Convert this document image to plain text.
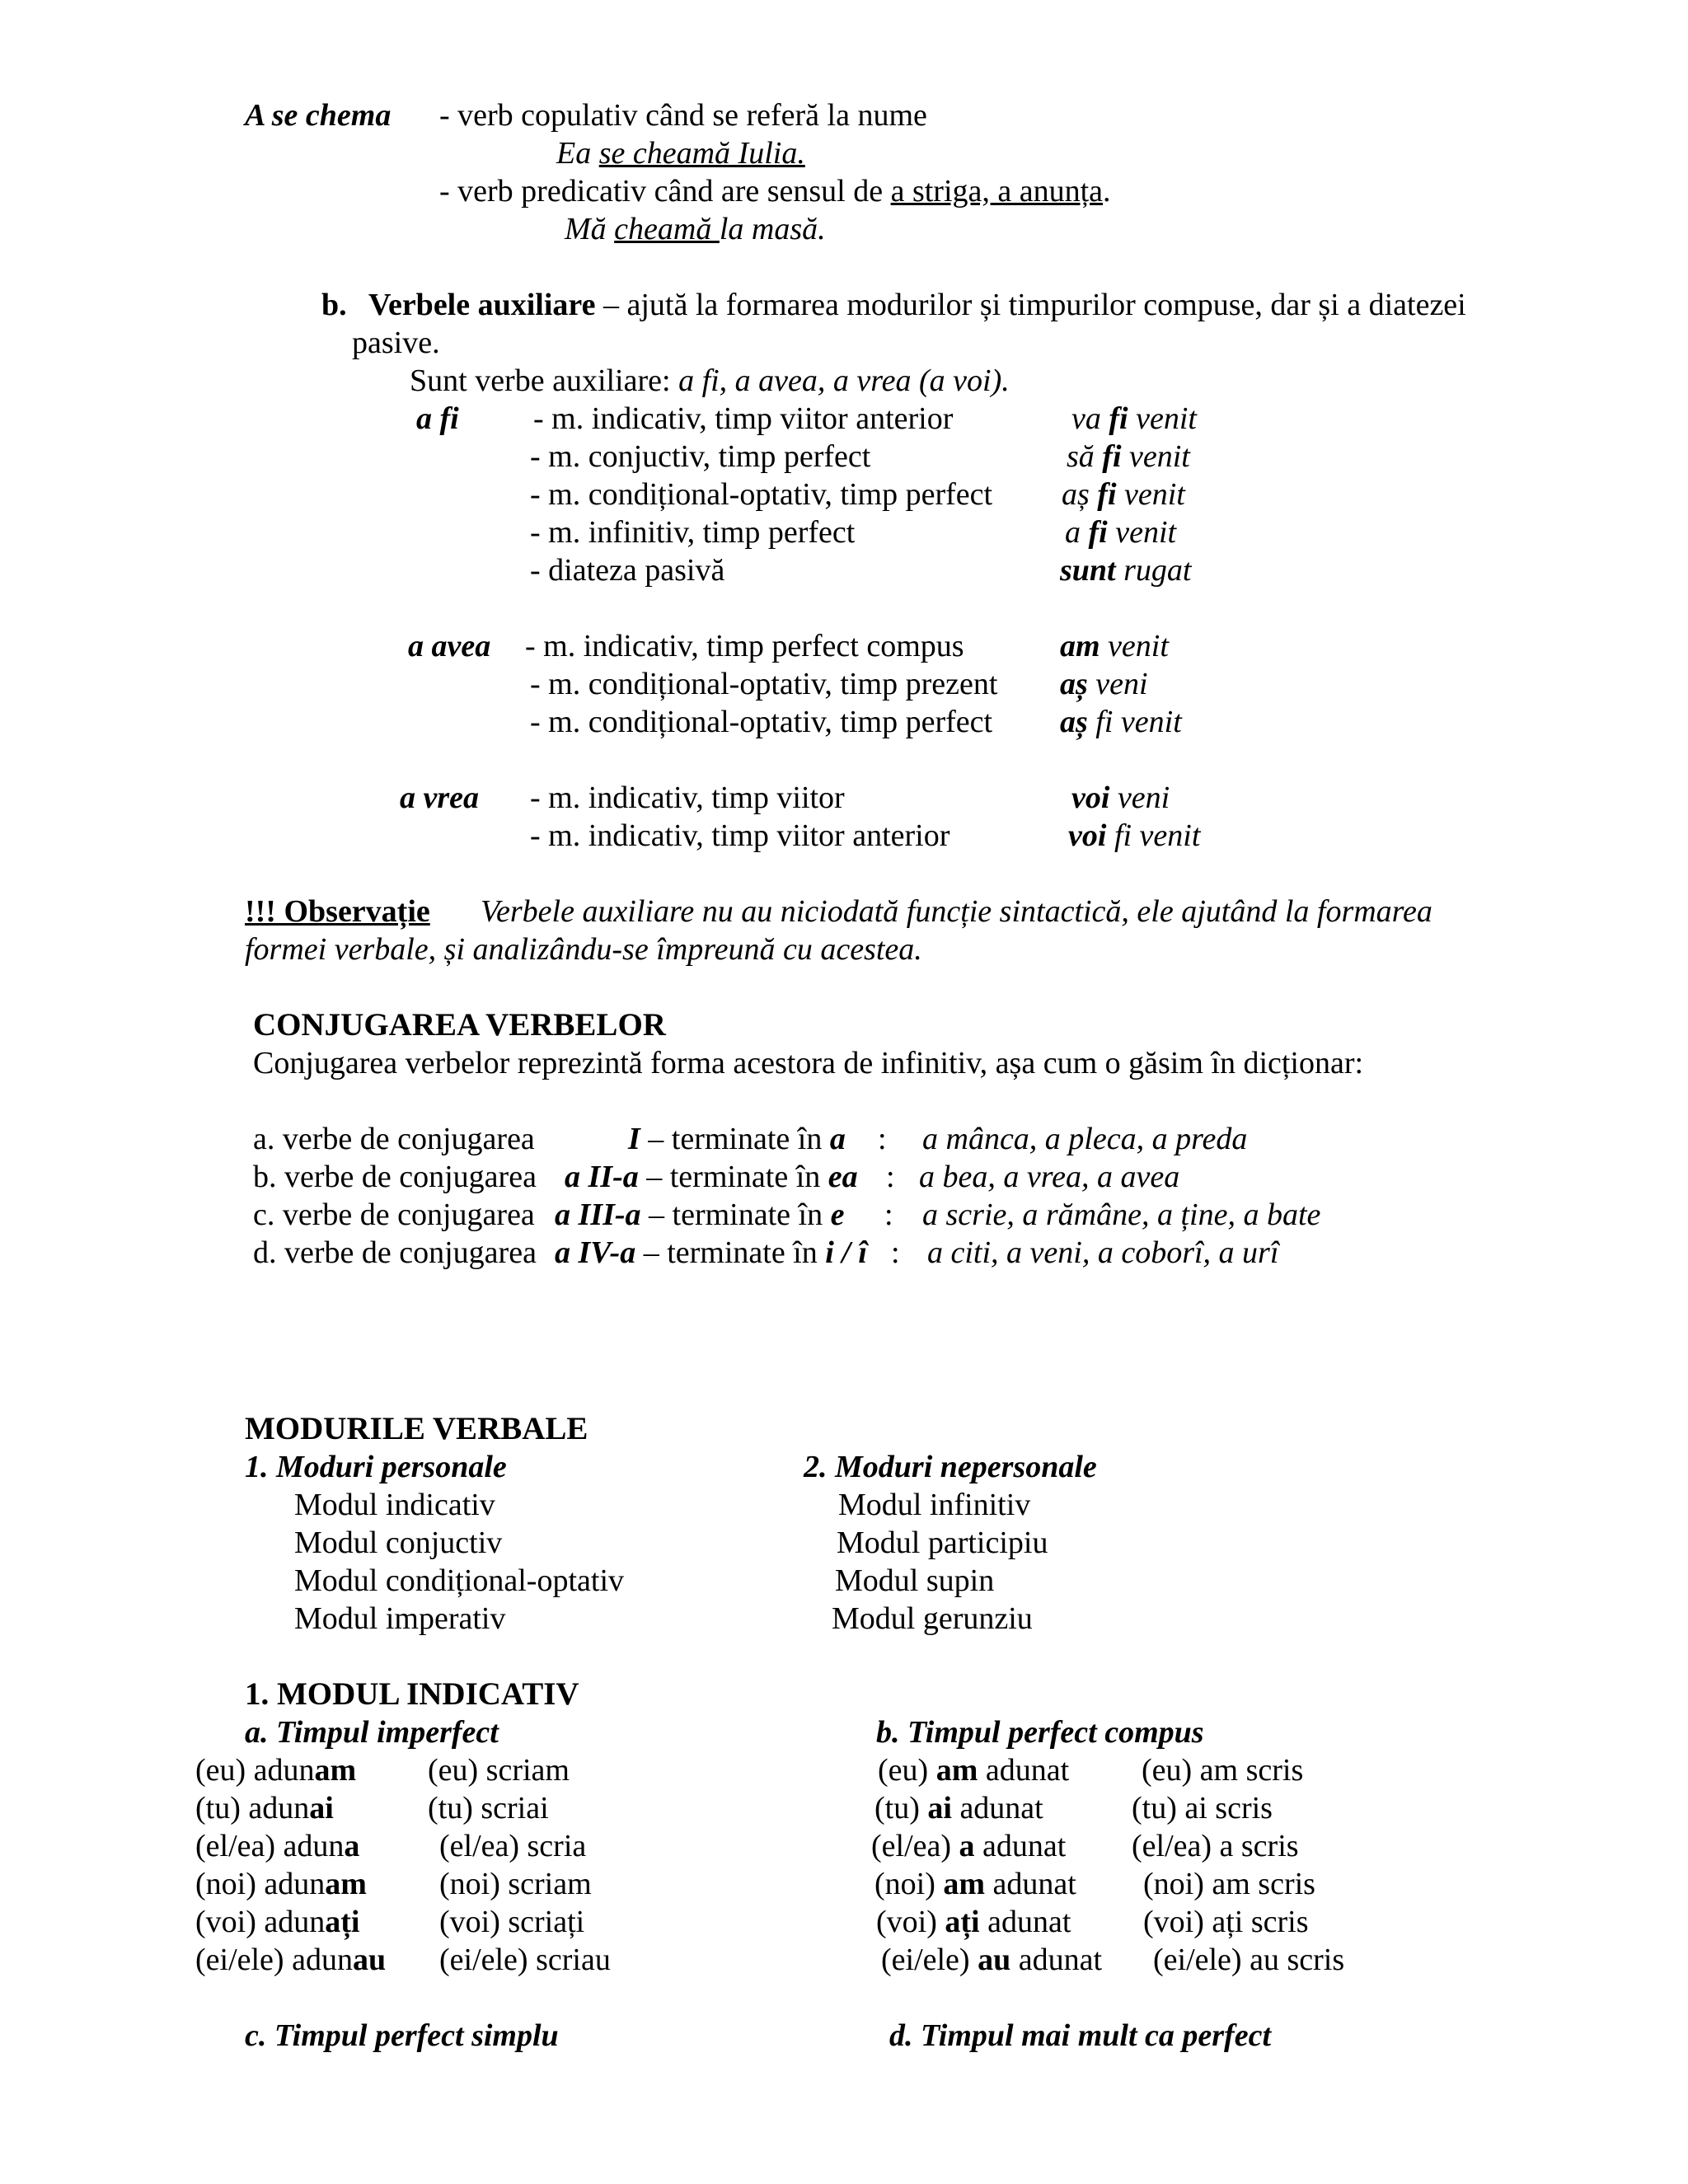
A se chema - verb copulativ când se referă la nume
Ea se cheamă Iulia.
- verb predicativ când are sensul de a striga, a anunța.
Mă cheamă la masă.
b. Verbele auxiliare – ajută la formarea modurilor și timpurilor compuse, dar și a diatezei
pasive.
Sunt verbe auxiliare: a fi, a avea, a vrea (a voi).
a fi - m. indicativ, timp viitor anterior	va fi venit
- m. conjuctiv, timp perfect	să fi venit
- m. condițional-optativ, timp perfect aș fi venit
- m. infinitiv, timp perfect	a fi venit
- diateza pasivă	sunt rugat
a avea - m. indicativ, timp perfect compus	am venit
- m. condițional-optativ, timp prezent aș veni
- m. condițional-optativ, timp perfect aș fi venit
a vrea - m. indicativ, timp viitor	voi veni
- m. indicativ, timp viitor anterior	voi fi venit
!!! Observație Verbele auxiliare nu au niciodată funcție sintactică, ele ajutând la formarea
formei verbale, și analizându-se împreună cu acestea.
CONJUGAREA VERBELOR
Conjugarea verbelor reprezintă forma acestora de infinitiv, așa cum o găsim în dicționar:
a. verbe de conjugarea	I – terminate în a : a mânca, a pleca, a preda
b. verbe de conjugarea a II-a – terminate în ea : a bea, a vrea, a avea
c. verbe de conjugarea a III-a – terminate în e : a scrie, a rămâne, a ține, a bate
d. verbe de conjugarea a IV-a – terminate în i / î : a citi, a veni, a coborî, a urî
MODURILE VERBALE
1. Moduri personale
Modul indicativ
Modul conjuctiv
Modul condițional-optativ
Modul imperativ
2. Moduri nepersonale
Modul infinitiv
Modul participiu
Modul supin
Modul gerunziu
1. MODUL INDICATIV
a. Timpul imperfect	b. Timpul perfect compus
(eu) adunam (eu) scriam
(tu) adunai	(tu) scriai
(el/ea) aduna	(el/ea) scria
(noi) adunam (noi) scriam
(voi) adunați	(voi) scriați
(ei/ele) adunau (ei/ele) scriau
(eu) am adunat (eu) am scris
(tu) ai adunat	(tu) ai scris
(el/ea) a adunat (el/ea) a scris
(noi) am adunat (noi) am scris
(voi) ați adunat (voi) ați scris
(ei/ele) au adunat (ei/ele) au scris
c. Timpul perfect simplu	d. Timpul mai mult ca perfect
